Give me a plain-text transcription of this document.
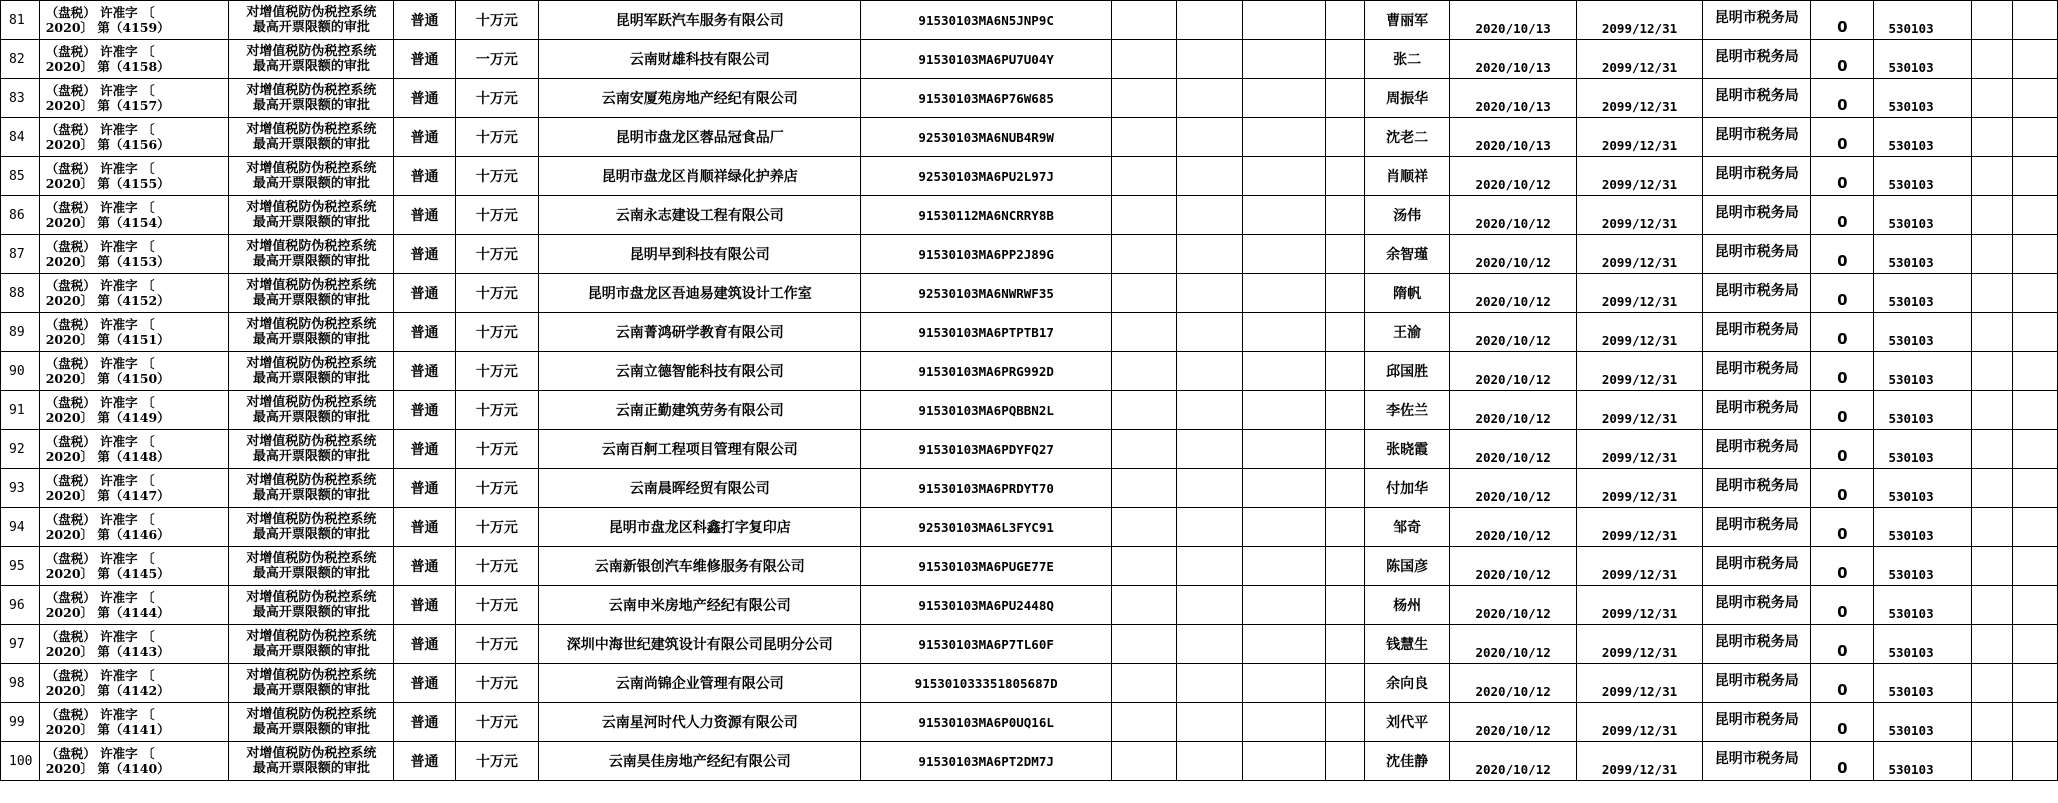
81	（盘税） 许准字 〔
2020〕 第（4159）	对增值税防伪税控系统
最高开票限额的审批	普通	十万元	昆明军跃汽车服务有限公司	91530103MA6N5JNP9C					曹丽军	2020/10/13	2099/12/31	昆明市税务局	0	530103		
82	（盘税） 许准字 〔
2020〕 第（4158）	对增值税防伪税控系统
最高开票限额的审批	普通	一万元	云南财雄科技有限公司	91530103MA6PU7U04Y					张二	2020/10/13	2099/12/31	昆明市税务局	0	530103		
83	（盘税） 许准字 〔
2020〕 第（4157）	对增值税防伪税控系统
最高开票限额的审批	普通	十万元	云南安厦苑房地产经纪有限公司	91530103MA6P76W685					周振华	2020/10/13	2099/12/31	昆明市税务局	0	530103		
84	（盘税） 许准字 〔
2020〕 第（4156）	对增值税防伪税控系统
最高开票限额的审批	普通	十万元	昆明市盘龙区蓉品冠食品厂	92530103MA6NUB4R9W					沈老二	2020/10/13	2099/12/31	昆明市税务局	0	530103		
85	（盘税） 许准字 〔
2020〕 第（4155）	对增值税防伪税控系统
最高开票限额的审批	普通	十万元	昆明市盘龙区肖顺祥绿化护养店	92530103MA6PU2L97J					肖顺祥	2020/10/12	2099/12/31	昆明市税务局	0	530103		
86	（盘税） 许准字 〔
2020〕 第（4154）	对增值税防伪税控系统
最高开票限额的审批	普通	十万元	云南永志建设工程有限公司	91530112MA6NCRRY8B					汤伟	2020/10/12	2099/12/31	昆明市税务局	0	530103		
87	（盘税） 许准字 〔
2020〕 第（4153）	对增值税防伪税控系统
最高开票限额的审批	普通	十万元	昆明早到科技有限公司	91530103MA6PP2J89G					余智瑾	2020/10/12	2099/12/31	昆明市税务局	0	530103		
88	（盘税） 许准字 〔
2020〕 第（4152）	对增值税防伪税控系统
最高开票限额的审批	普通	十万元	昆明市盘龙区吾迪易建筑设计工作室	92530103MA6NWRWF35					隋帆	2020/10/12	2099/12/31	昆明市税务局	0	530103		
89	（盘税） 许准字 〔
2020〕 第（4151）	对增值税防伪税控系统
最高开票限额的审批	普通	十万元	云南菁鸿研学教育有限公司	91530103MA6PTPTB17					王渝	2020/10/12	2099/12/31	昆明市税务局	0	530103		
90	（盘税） 许准字 〔
2020〕 第（4150）	对增值税防伪税控系统
最高开票限额的审批	普通	十万元	云南立德智能科技有限公司	91530103MA6PRG992D					邱国胜	2020/10/12	2099/12/31	昆明市税务局	0	530103		
91	（盘税） 许准字 〔
2020〕 第（4149）	对增值税防伪税控系统
最高开票限额的审批	普通	十万元	云南正勤建筑劳务有限公司	91530103MA6PQBBN2L					李佐兰	2020/10/12	2099/12/31	昆明市税务局	0	530103		
92	（盘税） 许准字 〔
2020〕 第（4148）	对增值税防伪税控系统
最高开票限额的审批	普通	十万元	云南百舸工程项目管理有限公司	91530103MA6PDYFQ27					张晓霞	2020/10/12	2099/12/31	昆明市税务局	0	530103		
93	（盘税） 许准字 〔
2020〕 第（4147）	对增值税防伪税控系统
最高开票限额的审批	普通	十万元	云南晨晖经贸有限公司	91530103MA6PRDYT70					付加华	2020/10/12	2099/12/31	昆明市税务局	0	530103		
94	（盘税） 许准字 〔
2020〕 第（4146）	对增值税防伪税控系统
最高开票限额的审批	普通	十万元	昆明市盘龙区科鑫打字复印店	92530103MA6L3FYC91					邹奇	2020/10/12	2099/12/31	昆明市税务局	0	530103		
95	（盘税） 许准字 〔
2020〕 第（4145）	对增值税防伪税控系统
最高开票限额的审批	普通	十万元	云南新银创汽车维修服务有限公司	91530103MA6PUGE77E					陈国彦	2020/10/12	2099/12/31	昆明市税务局	0	530103		
96	（盘税） 许准字 〔
2020〕 第（4144）	对增值税防伪税控系统
最高开票限额的审批	普通	十万元	云南申米房地产经纪有限公司	91530103MA6PU2448Q					杨州	2020/10/12	2099/12/31	昆明市税务局	0	530103		
97	（盘税） 许准字 〔
2020〕 第（4143）	对增值税防伪税控系统
最高开票限额的审批	普通	十万元	深圳中海世纪建筑设计有限公司昆明分公司	91530103MA6P7TL60F					钱慧生	2020/10/12	2099/12/31	昆明市税务局	0	530103		
98	（盘税） 许准字 〔
2020〕 第（4142）	对增值税防伪税控系统
最高开票限额的审批	普通	十万元	云南尚锦企业管理有限公司	915301033351805687D					余向良	2020/10/12	2099/12/31	昆明市税务局	0	530103		
99	（盘税） 许准字 〔
2020〕 第（4141）	对增值税防伪税控系统
最高开票限额的审批	普通	十万元	云南星河时代人力资源有限公司	91530103MA6P0UQ16L					刘代平	2020/10/12	2099/12/31	昆明市税务局	0	530103		
100	（盘税） 许准字 〔
2020〕 第（4140）	对增值税防伪税控系统
最高开票限额的审批	普通	十万元	云南昊佳房地产经纪有限公司	91530103MA6PT2DM7J					沈佳静	2020/10/12	2099/12/31	昆明市税务局	0	530103		
